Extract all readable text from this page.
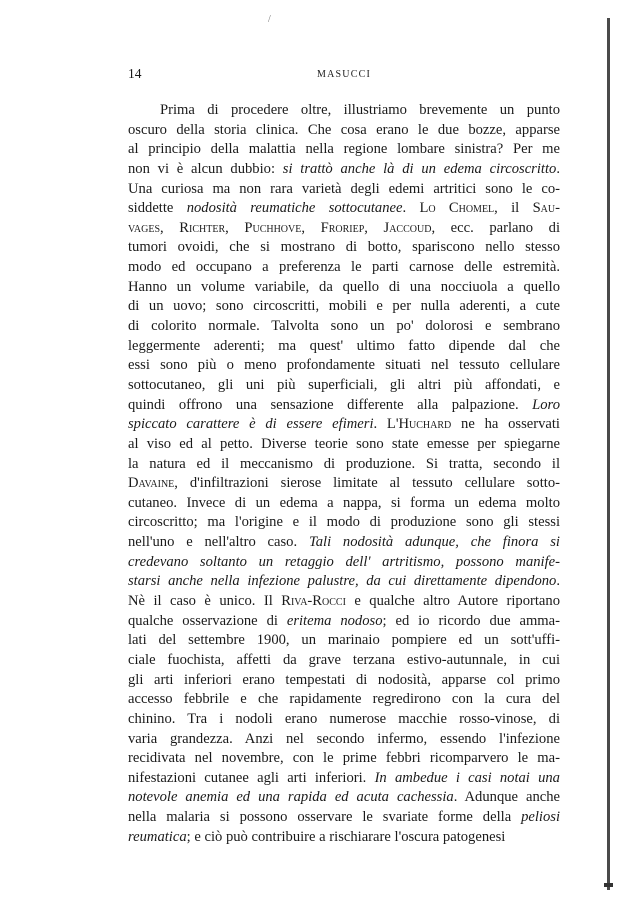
/
14	MASUCCI
Prima di procedere oltre, illustriamo brevemente un punto
oscuro della storia clinica. Che cosa erano le due bozze, apparse
al principio della malattia nella regione lombare sinistra? Per me
non vi è alcun dubbio: si trattò anche là di un edema circoscritto.
Una curiosa ma non rara varietà degli edemi artritici sono le co-
siddette nodosità reumatiche sottocutanee. Lo Chomel, il Sau-
vages, Richter, Puchhove, Froriep, Jaccoud, ecc. parlano di
tumori ovoidi, che si mostrano di botto, spariscono nello stesso
modo ed occupano a preferenza le parti carnose delle estremità.
Hanno un volume variabile, da quello di una nocciuola a quello
di un uovo; sono circoscritti, mobili e per nulla aderenti, a cute
di colorito normale. Talvolta sono un po' dolorosi e sembrano
leggermente aderenti; ma quest' ultimo fatto dipende dal che
essi sono più o meno profondamente situati nel tessuto cellulare
sottocutaneo, gli uni più superficiali, gli altri più affondati, e
quindi offrono una sensazione differente alla palpazione. Loro
spiccato carattere è di essere efimeri. L'Huchard ne ha osservati
al viso ed al petto. Diverse teorie sono state emesse per spiegarne
la natura ed il meccanismo di produzione. Si tratta, secondo il
Davaine, d'infiltrazioni sierose limitate al tessuto cellulare sotto-
cutaneo. Invece di un edema a nappa, si forma un edema molto
circoscritto; ma l'origine e il modo di produzione sono gli stessi
nell'uno e nell'altro caso. Tali nodosità adunque, che finora si
credevano soltanto un retaggio dell' artritismo, possono manife-
starsi anche nella infezione palustre, da cui direttamente dipendono.
Nè il caso è unico. Il Riva-Rocci e qualche altro Autore riportano
qualche osservazione di eritema nodoso; ed io ricordo due amma-
lati del settembre 1900, un marinaio pompiere ed un sott'uffi-
ciale fuochista, affetti da grave terzana estivo-autunnale, in cui
gli arti inferiori erano tempestati di nodosità, apparse col primo
accesso febbrile e che rapidamente regredirono con la cura del
chinino. Tra i nodoli erano numerose macchie rosso-vinose, di
varia grandezza. Anzi nel secondo infermo, essendo l'infezione
recidivata nel novembre, con le prime febbri ricomparvero le ma-
nifestazioni cutanee agli arti inferiori. In ambedue i casi notai una
notevole anemia ed una rapida ed acuta cachessia. Adunque anche
nella malaria si possono osservare le svariate forme della peliosi
reumatica; e ciò può contribuire a rischiarare l'oscura patogenesi
